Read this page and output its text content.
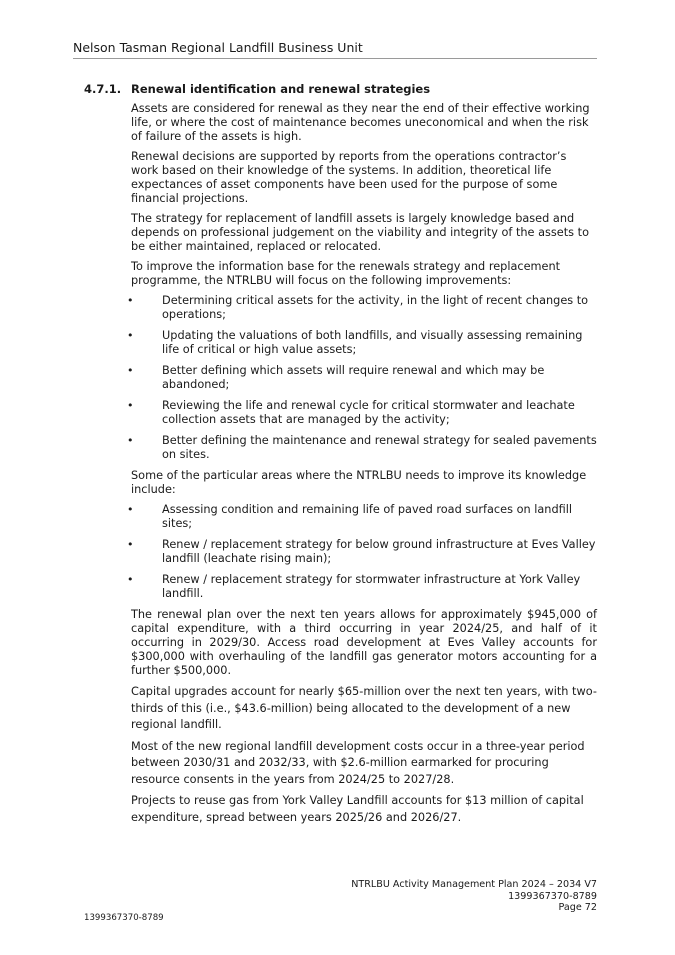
Nelson Tasman Regional Landfill Business Unit
4.7.1. Renewal identification and renewal strategies

Assets are considered for renewal as they near the end of their effective working life, or where the cost of maintenance becomes uneconomical and when the risk of failure of the assets is high.

Renewal decisions are supported by reports from the operations contractor’s work based on their knowledge of the systems. In addition, theoretical life expectances of asset components have been used for the purpose of some financial projections.

The strategy for replacement of landfill assets is largely knowledge based and depends on professional judgement on the viability and integrity of the assets to be either maintained, replaced or relocated.

To improve the information base for the renewals strategy and replacement programme, the NTRLBU will focus on the following improvements:

•	Determining critical assets for the activity, in the light of recent changes to operations;
•	Updating the valuations of both landfills, and visually assessing remaining life of critical or high value assets;
•	Better defining which assets will require renewal and which may be abandoned;
•	Reviewing the life and renewal cycle for critical stormwater and leachate collection assets that are managed by the activity;
•	Better defining the maintenance and renewal strategy for sealed pavements on sites.

Some of the particular areas where the NTRLBU needs to improve its knowledge include:

•	Assessing condition and remaining life of paved road surfaces on landfill sites;
•	Renew / replacement strategy for below ground infrastructure at Eves Valley landfill (leachate rising main);
•	Renew / replacement strategy for stormwater infrastructure at York Valley landfill.

The renewal plan over the next ten years allows for approximately $945,000 of capital expenditure, with a third occurring in year 2024/25, and half of it occurring in 2029/30. Access road development at Eves Valley accounts for $300,000 with overhauling of the landfill gas generator motors accounting for a further $500,000.

Capital upgrades account for nearly $65-million over the next ten years, with two-thirds of this (i.e., $43.6-million) being allocated to the development of a new regional landfill.

Most of the new regional landfill development costs occur in a three-year period between 2030/31 and 2032/33, with $2.6-million earmarked for procuring resource consents in the years from 2024/25 to 2027/28.

Projects to reuse gas from York Valley Landfill accounts for $13 million of capital expenditure, spread between years 2025/26 and 2026/27.

NTRLBU Activity Management Plan 2024 – 2034 V7
1399367370-8789
Page 72
1399367370-8789
